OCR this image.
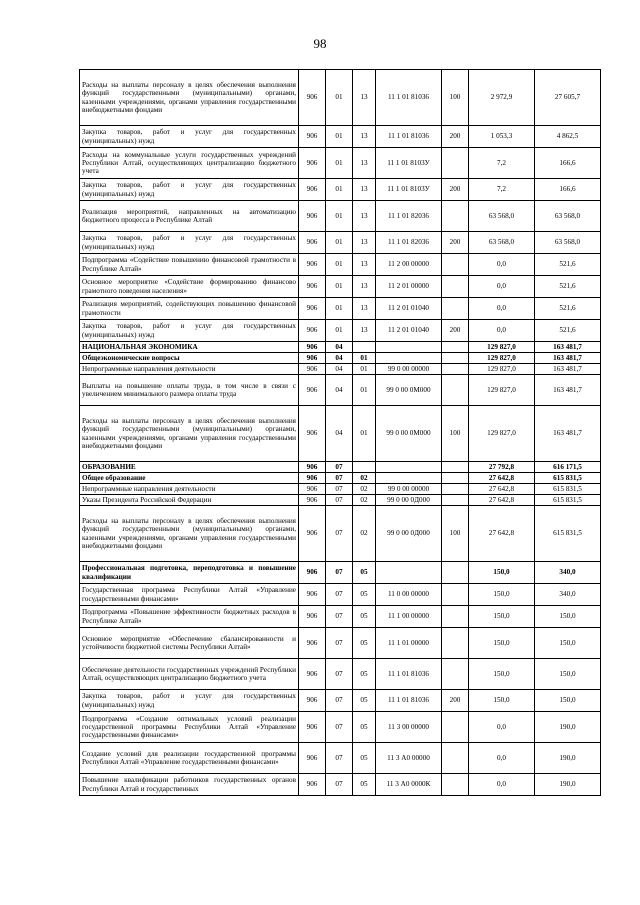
98
Расходы на выплаты персоналу в целях обеспечения выполнения функций государственными (муниципальными) органами, казенными учреждениями, органами управления государственными внебюджетными фондами	906	01	13	11 1 01 81036	100	2 972,9	27 605,7
Закупка товаров, работ и услуг для государственных (муниципальных) нужд	906	01	13	11 1 01 81036	200	1 053,3	4 862,5
Расходы на коммунальные услуги государственных учреждений Республики Алтай, осуществляющих централизацию бюджетного учета	906	01	13	11 1 01 8103У		7,2	166,6
Закупка товаров, работ и услуг для государственных (муниципальных) нужд	906	01	13	11 1 01 8103У	200	7,2	166,6
Реализация мероприятий, направленных на автоматизацию бюджетного процесса в Республике Алтай	906	01	13	11 1 01 82036		63 568,0	63 568,0
Закупка товаров, работ и услуг для государственных (муниципальных) нужд	906	01	13	11 1 01 82036	200	63 568,0	63 568,0
Подпрограмма «Содействие повышению финансовой грамотности в Республике Алтай»	906	01	13	11 2 00 00000		0,0	521,6
Основное мероприятие «Содействие формированию финансово грамотного поведения населения»	906	01	13	11 2 01 00000		0,0	521,6
Реализация мероприятий, содействующих повышению финансовой грамотности	906	01	13	11 2 01 01040		0,0	521,6
Закупка товаров, работ и услуг для государственных (муниципальных) нужд	906	01	13	11 2 01 01040	200	0,0	521,6
НАЦИОНАЛЬНАЯ ЭКОНОМИКА	906	04				129 827,0	163 481,7
Общеэкономические вопросы	906	04	01			129 827,0	163 481,7
Непрограммные направления деятельности	906	04	01	99 0 00 00000		129 827,0	163 481,7
Выплаты на повышение оплаты труда, в том числе в связи с увеличением минимального размера оплаты труда	906	04	01	99 0 00 0М000		129 827,0	163 481,7
Расходы на выплаты персоналу в целях обеспечения выполнения функций государственными (муниципальными) органами, казенными учреждениями, органами управления государственными внебюджетными фондами	906	04	01	99 0 00 0М000	100	129 827,0	163 481,7
ОБРАЗОВАНИЕ	906	07				27 792,8	616 171,5
Общее образование	906	07	02			27 642,8	615 831,5
Непрограммные направления деятельности	906	07	02	99 0 00 00000		27 642,8	615 831,5
Указы Президента Российской Федерации	906	07	02	99 0 00 0Д000		27 642,8	615 831,5
Расходы на выплаты персоналу в целях обеспечения выполнения функций государственными (муниципальными) органами, казенными учреждениями, органами управления государственными внебюджетными фондами	906	07	02	99 0 00 0Д000	100	27 642,8	615 831,5
Профессиональная подготовка, переподготовка и повышение квалификации	906	07	05			150,0	340,0
Государственная программа Республики Алтай «Управление государственными финансами»	906	07	05	11 0 00 00000		150,0	340,0
Подпрограмма «Повышение эффективности бюджетных расходов в Республике Алтай»	906	07	05	11 1 00 00000		150,0	150,0
Основное мероприятие «Обеспечение сбалансированности и устойчивости бюджетной системы Республики Алтай»	906	07	05	11 1 01 00000		150,0	150,0
Обеспечение деятельности государственных учреждений Республики Алтай, осуществляющих централизацию бюджетного учета	906	07	05	11 1 01 81036		150,0	150,0
Закупка товаров, работ и услуг для государственных (муниципальных) нужд	906	07	05	11 1 01 81036	200	150,0	150,0
Подпрограмма «Создание оптимальных условий реализации государственной программы Республики Алтай «Управление государственными финансами»	906	07	05	11 3 00 00000		0,0	190,0
Создание условий для реализации государственной программы Республики Алтай «Управление государственными финансами»	906	07	05	11 3 А0 00000		0,0	190,0
Повышение квалификации работников государственных органов Республики Алтай и государственных	906	07	05	11 3 А0 0000К		0,0	190,0
